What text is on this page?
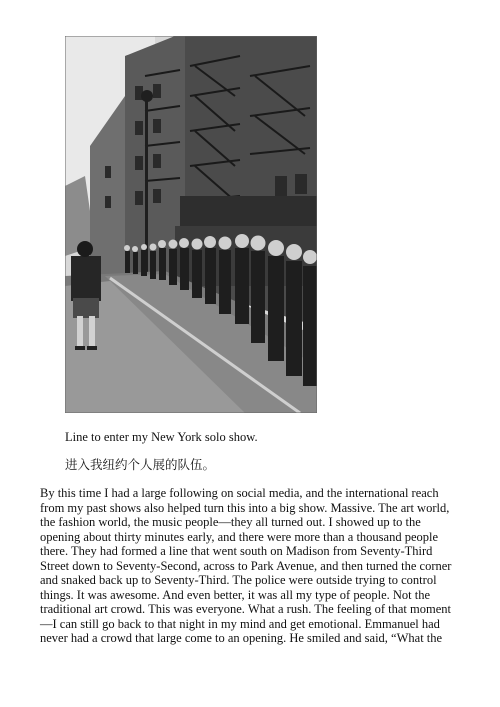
Line to enter my New York solo show.
进入我纽约个人展的队伍。
By this time I had a large following on social media, and the international reach
from my past shows also helped turn this into a big show. Massive. The art world,
the fashion world, the music people—they all turned out. I showed up to the
opening about thirty minutes early, and there were more than a thousand people
there. They had formed a line that went south on Madison from Seventy-Third
Street down to Seventy-Second, across to Park Avenue, and then turned the corner
and snaked back up to Seventy-Third. The police were outside trying to control
things. It was awesome. And even better, it was all my type of people. Not the
traditional art crowd. This was everyone. What a rush. The feeling of that moment
—I can still go back to that night in my mind and get emotional. Emmanuel had
never had a crowd that large come to an opening. He smiled and said, “What the
